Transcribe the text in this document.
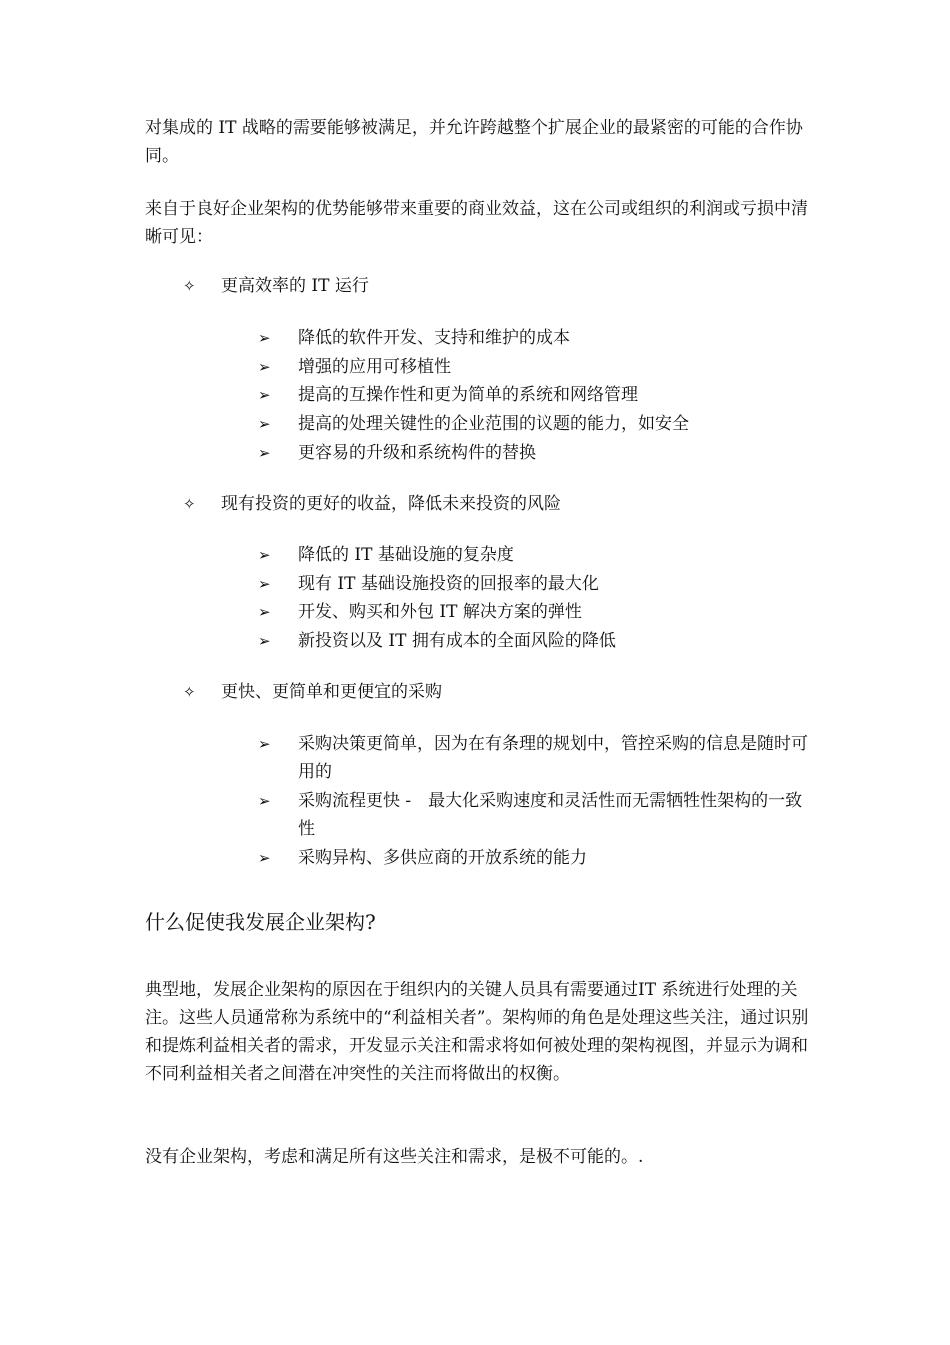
对集成的 IT 战略的需要能够被满足，并允许跨越整个扩展企业的最紧密的可能的合作协同。

来自于良好企业架构的优势能够带来重要的商业效益，这在公司或组织的利润或亏损中清晰可见：

✧	更高效率的 IT 运行
➢ 降低的软件开发、支持和维护的成本
➢ 增强的应用可移植性
➢ 提高的互操作性和更为简单的系统和网络管理
➢ 提高的处理关键性的企业范围的议题的能力，如安全
➢ 更容易的升级和系统构件的替换
✧	现有投资的更好的收益，降低未来投资的风险
➢ 降低的 IT 基础设施的复杂度
➢ 现有 IT 基础设施投资的回报率的最大化
➢ 开发、购买和外包 IT 解决方案的弹性
➢ 新投资以及 IT 拥有成本的全面风险的降低
✧	更快、更简单和更便宜的采购
➢ 采购决策更简单，因为在有条理的规划中，管控采购的信息是随时可用的
➢ 采购流程更快 -　最大化采购速度和灵活性而无需牺牲性架构的一致性
➢ 采购异构、多供应商的开放系统的能力
什么促使我发展企业架构?

典型地，发展企业架构的原因在于组织内的关键人员具有需要通过IT 系统进行处理的关注。这些人员通常称为系统中的“利益相关者”。架构师的角色是处理这些关注，通过识别和提炼利益相关者的需求，开发显示关注和需求将如何被处理的架构视图，并显示为调和不同利益相关者之间潜在冲突性的关注而将做出的权衡。

没有企业架构，考虑和满足所有这些关注和需求，是极不可能的。.
